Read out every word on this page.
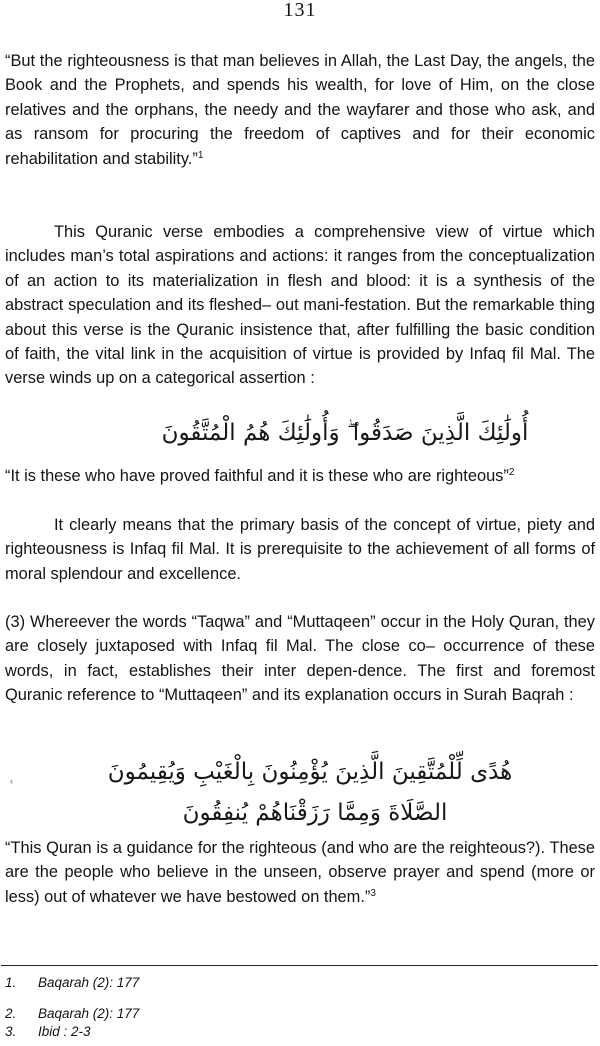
131

“But the righteousness is that man believes in Allah, the Last Day, the angels, the Book and the Prophets, and spends his wealth, for love of Him, on the close relatives and the orphans, the needy and the wayfarer and those who ask, and as ransom for procuring the freedom of captives and for their economic rehabilitation and stability.”$^1$

This Quranic verse embodies a comprehensive view of virtue which includes man’s total aspirations and actions: it ranges from the conceptualization of an action to its materialization in flesh and blood: it is a synthesis of the abstract speculation and its fleshed– out mani-festation. But the remarkable thing about this verse is the Quranic insistence that, after fulfilling the basic condition of faith, the vital link in the acquisition of virtue is provided by Infaq fil Mal. The verse winds up on a categorical assertion :

أُولَٰئِكَ الَّذِينَ صَدَقُوا ۖ وَأُولَٰئِكَ هُمُ الْمُتَّقُونَ

“It is these who have proved faithful and it is these who are righteous”$^2$

It clearly means that the primary basis of the concept of virtue, piety and righteousness is Infaq fil Mal. It is prerequisite to the achievement of all forms of moral splendour and excellence.

(3) Whereever the words “Taqwa” and “Muttaqeen” occur in the Holy Quran, they are closely juxtaposed with Infaq fil Mal. The close co– occurrence of these words, in fact, establishes their inter depen-dence. The first and foremost Quranic reference to “Muttaqeen” and its explanation occurs in Surah Baqrah :

‹	هُدًى لِّلْمُتَّقِينَ الَّذِينَ يُؤْمِنُونَ بِالْغَيْبِ وَيُقِيمُونَ
الصَّلَاةَ وَمِمَّا رَزَقْنَاهُمْ يُنفِقُونَ

“This Quran is a guidance for the righteous (and who are the reighteous?). These are the people who believe in the unseen, observe prayer and spend (more or less) out of whatever we have bestowed on them.”$^3$

1. Baqarah (2): 177
2. Baqarah (2): 177
3. Ibid : 2-3
